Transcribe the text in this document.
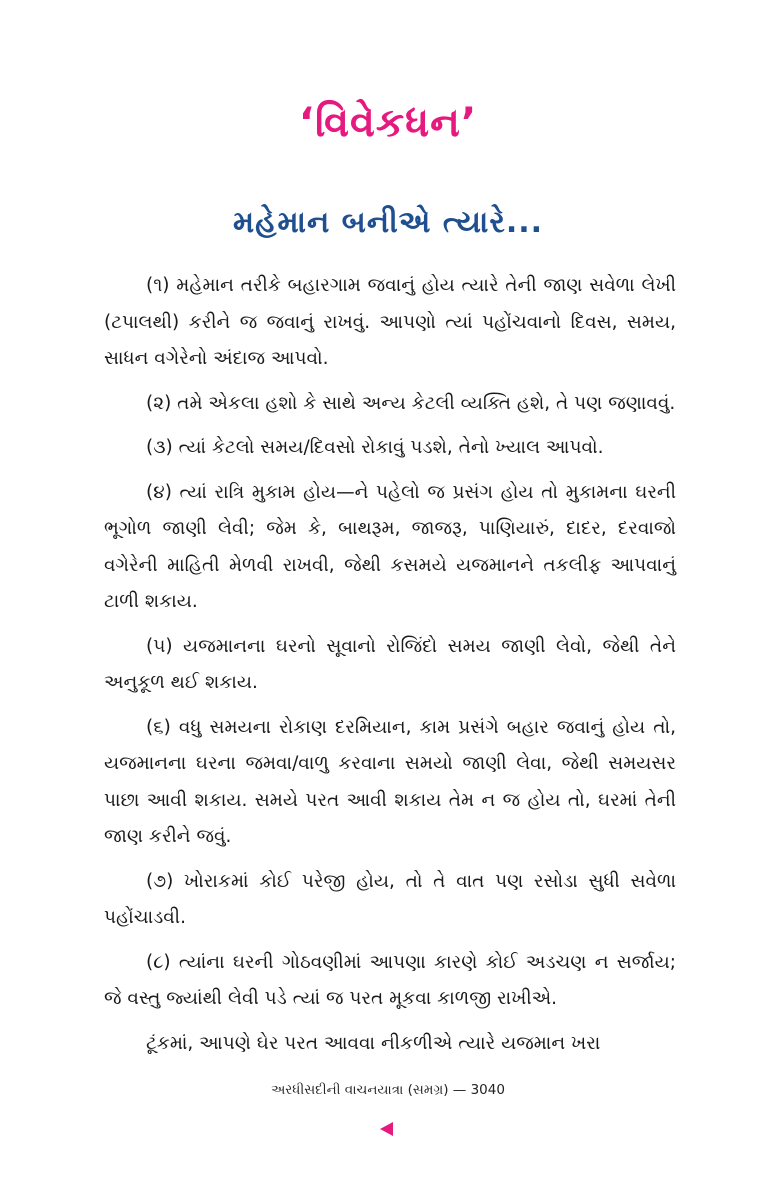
‘વિવેકધન’
મહેમાન બનીએ ત્યારે...

(૧) મહેમાન તરીકે બહારગામ જવાનું હોય ત્યારે તેની જાણ સવેળા લેખી (ટપાલથી) કરીને જ જવાનું રાખવું. આપણો ત્યાં પહોંચવાનો દિવસ, સમય, સાધન વગેરેનો અંદાજ આપવો.

(૨) તમે એકલા હશો કે સાથે અન્ય કેટલી વ્યક્તિ હશે, તે પણ જણાવવું.

(૩) ત્યાં કેટલો સમય/દિવસો રોકાવું પડશે, તેનો ખ્યાલ આપવો.

(૪) ત્યાં રાત્રિ મુકામ હોય—ને પહેલો જ પ્રસંગ હોય તો મુકામના ઘરની ભૂગોળ જાણી લેવી; જેમ કે, બાથરૂમ, જાજરૂ, પાણિયારું, દાદર, દરવાજો વગેરેની માહિતી મેળવી રાખવી, જેથી કસમયે યજમાનને તકલીફ આપવાનું ટાળી શકાય.

(૫) યજમાનના ઘરનો સૂવાનો રોજિંદો સમય જાણી લેવો, જેથી તેને અનુકૂળ થઈ શકાય.

(૬) વધુ સમયના રોકાણ દરમિયાન, કામ પ્રસંગે બહાર જવાનું હોય તો, યજમાનના ઘરના જમવા/વાળુ કરવાના સમયો જાણી લેવા, જેથી સમયસર પાછા આવી શકાય. સમયે પરત આવી શકાય તેમ ન જ હોય તો, ઘરમાં તેની જાણ કરીને જવું.

(૭) ખોરાકમાં કોઈ પરેજી હોય, તો તે વાત પણ રસોડા સુધી સવેળા પહોંચાડવી.

(૮) ત્યાંના ઘરની ગોઠવણીમાં આપણા કારણે કોઈ અડચણ ન સર્જાય; જે વસ્તુ જ્યાંથી લેવી પડે ત્યાં જ પરત મૂકવા કાળજી રાખીએ.

ટૂંકમાં, આપણે ઘેર પરત આવવા નીકળીએ ત્યારે યજમાન ખરા

અરધીસદીની વાચનયાત્રા (સમગ્ર) — 3040
